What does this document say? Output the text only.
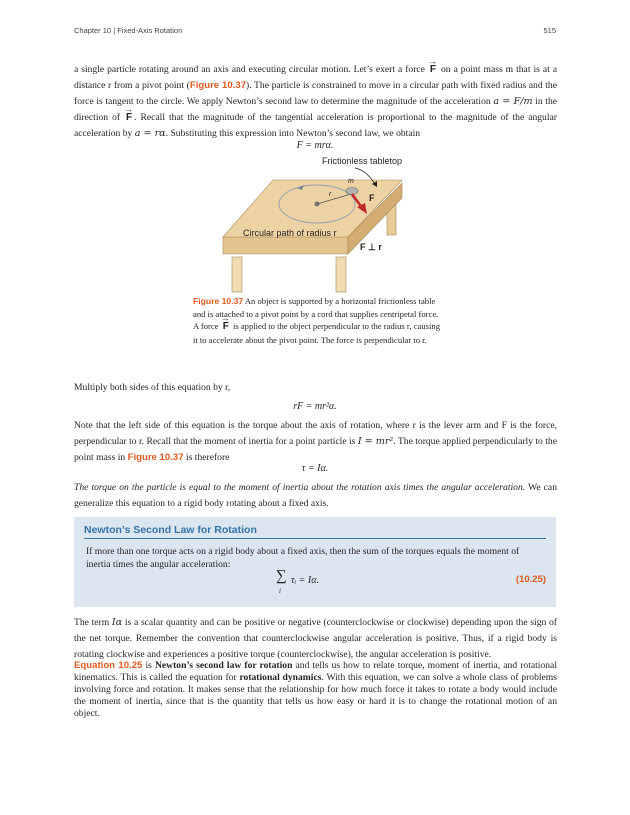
Chapter 10 | Fixed-Axis Rotation	515
a single particle rotating around an axis and executing circular motion. Let’s exert a force → F on a point mass m that is at a distance r from a pivot point (Figure 10.37). The particle is constrained to move in a circular path with fixed radius and the force is tangent to the circle. We apply Newton’s second law to determine the magnitude of the acceleration a = F/m in the direction of → F . Recall that the magnitude of the tangential acceleration is proportional to the magnitude of the angular acceleration by a = rα. Substituting this expression into Newton’s second law, we obtain
F = mrα.
Frictionless tabletop
m
r	F
Circular path of radius r
F ⊥ r
Figure 10.37 An object is supported by a horizontal frictionless table and is attached to a pivot point by a cord that supplies centripetal force. A force → F is applied to the object perpendicular to the radius r, causing it to accelerate about the pivot point. The force is perpendicular to r.
Multiply both sides of this equation by r,
rF = mr²α.
Note that the left side of this equation is the torque about the axis of rotation, where r is the lever arm and F is the force, perpendicular to r. Recall that the moment of inertia for a point particle is I = mr². The torque applied perpendicularly to the point mass in Figure 10.37 is therefore
τ = Iα.
The torque on the particle is equal to the moment of inertia about the rotation axis times the angular acceleration. We can generalize this equation to a rigid body rotating about a fixed axis.
Newton’s Second Law for Rotation
If more than one torque acts on a rigid body about a fixed axis, then the sum of the torques equals the moment of inertia times the angular acceleration:
∑
i
τᵢ = Iα.	(10.25)
The term Iα is a scalar quantity and can be positive or negative (counterclockwise or clockwise) depending upon the sign of the net torque. Remember the convention that counterclockwise angular acceleration is positive. Thus, if a rigid body is rotating clockwise and experiences a positive torque (counterclockwise), the angular acceleration is positive.
Equation 10.25 is Newton’s second law for rotation and tells us how to relate torque, moment of inertia, and rotational kinematics. This is called the equation for rotational dynamics. With this equation, we can solve a whole class of problems involving force and rotation. It makes sense that the relationship for how much force it takes to rotate a body would include the moment of inertia, since that is the quantity that tells us how easy or hard it is to change the rotational motion of an object.
